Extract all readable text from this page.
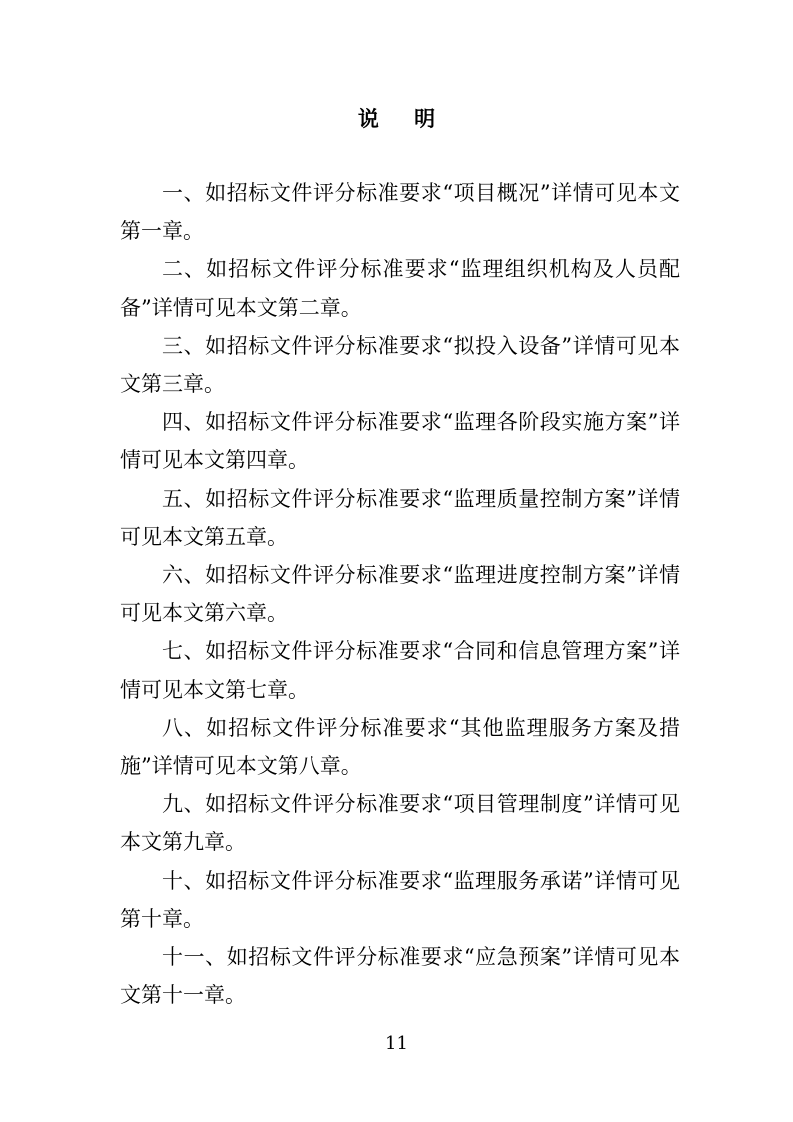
说 明

一、如招标文件评分标准要求“项目概况”详情可见本文第一章。

二、如招标文件评分标准要求“监理组织机构及人员配备”详情可见本文第二章。

三、如招标文件评分标准要求“拟投入设备”详情可见本文第三章。

四、如招标文件评分标准要求“监理各阶段实施方案”详情可见本文第四章。

五、如招标文件评分标准要求“监理质量控制方案”详情可见本文第五章。

六、如招标文件评分标准要求“监理进度控制方案”详情可见本文第六章。

七、如招标文件评分标准要求“合同和信息管理方案”详情可见本文第七章。

八、如招标文件评分标准要求“其他监理服务方案及措施”详情可见本文第八章。

九、如招标文件评分标准要求“项目管理制度”详情可见本文第九章。

十、如招标文件评分标准要求“监理服务承诺”详情可见第十章。

十一、如招标文件评分标准要求“应急预案”详情可见本文第十一章。

11
